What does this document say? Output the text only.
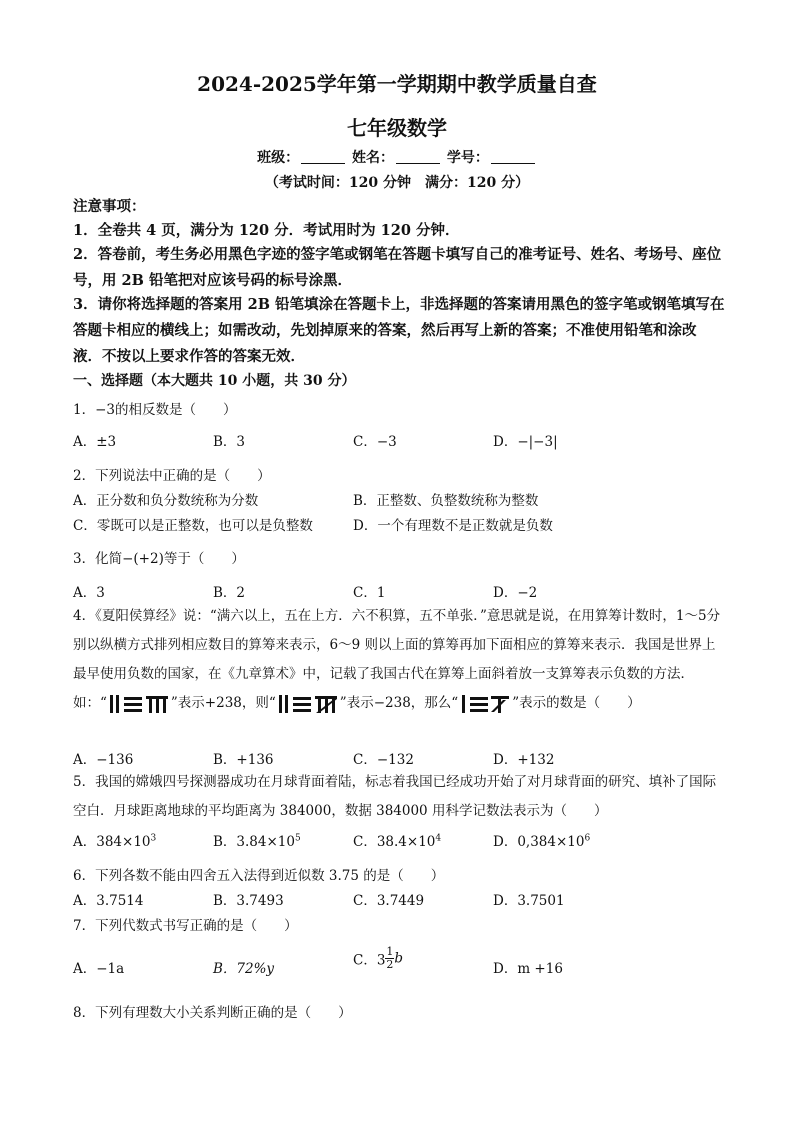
2024-2025学年第一学期期中教学质量自查
七年级数学
班级：	姓名：	学号：
（考试时间：120 分钟　满分：120 分）
注意事项：
1．全卷共 4 页，满分为 120 分．考试用时为 120 分钟．
2．答卷前，考生务必用黑色字迹的签字笔或钢笔在答题卡填写自己的准考证号、姓名、考场号、座位号，用 2B 铅笔把对应该号码的标号涂黑．
3．请你将选择题的答案用 2B 铅笔填涂在答题卡上，非选择题的答案请用黑色的签字笔或钢笔填写在答题卡相应的横线上；如需改动，先划掉原来的答案，然后再写上新的答案；不准使用铅笔和涂改液．不按以上要求作答的答案无效．
一、选择题（本大题共 10 小题，共 30 分）
1．−3的相反数是（　　）
A．±3	B．3	C．−3	D．−|−3|
2．下列说法中正确的是（　　）
A．正分数和负分数统称为分数	B．正整数、负整数统称为整数
C．零既可以是正整数，也可以是负整数	D．一个有理数不是正数就是负数
3．化简−(+2)等于（　　）
A．3	B．2	C．1	D．−2
4．《夏阳侯算经》说：“满六以上，五在上方．六不积算，五不单张．”意思就是说，在用算筹计数时，1～5分别以纵横方式排列相应数目的算筹来表示，6～9 则以上面的算筹再加下面相应的算筹来表示．我国是世界上最早使用负数的国家，在《九章算术》中，记载了我国古代在算筹上面斜着放一支算筹表示负数的方法．如：“	”表示+238，则“	”表示−238，那么“	”表示的数是（　　）
A．−136	B．+136	C．−132	D．+132
5．我国的嫦娥四号探测器成功在月球背面着陆，标志着我国已经成功开始了对月球背面的研究、填补了国际空白．月球距离地球的平均距离为 384000，数据 384000 用科学记数法表示为（　　）
A．$384\times 10^3$	B．$3.84\times 10^5$	C．$38.4\times 10^4$	D．$0,384\times 10^6$
6．下列各数不能由四舍五入法得到近似数 3.75 的是（　　）
A．3.7514	B．3.7493	C．3.7449	D．3.7501
7．下列代数式书写正确的是（　　）
A．−1a	B．72%y
C．$3 \frac{1}{2}$ b
D．m +16
8．下列有理数大小关系判断正确的是（　　）
